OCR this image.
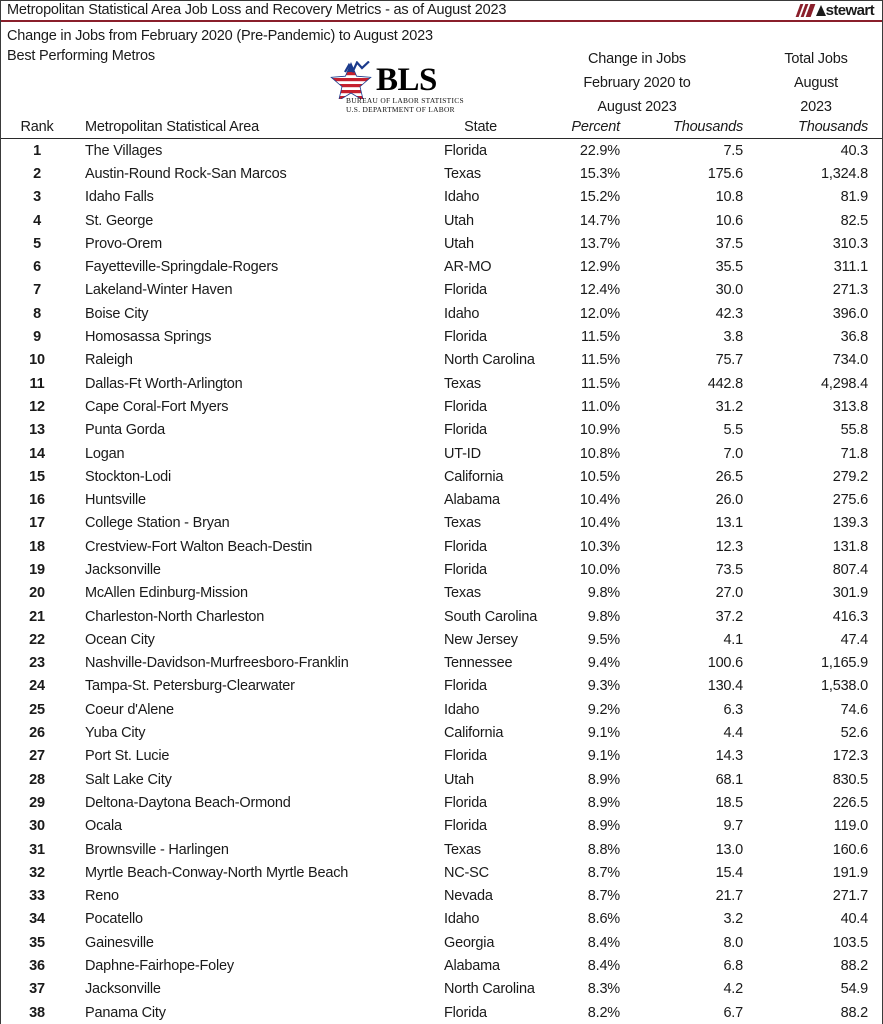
Metropolitan Statistical Area Job Loss and Recovery Metrics - as of August 2023	stewart
Change in Jobs from February 2020 (Pre-Pandemic) to August 2023
Best Performing Metros
BLS
BUREAU OF LABOR STATISTICS
U.S. DEPARTMENT OF LABOR
Change in Jobs
February 2020 to
August 2023
Total Jobs
August
2023
Rank	Metropolitan Statistical Area	State	Percent	Thousands	Thousands
1	The Villages	Florida	22.9%	7.5	40.3
2	Austin-Round Rock-San Marcos	Texas	15.3%	175.6	1,324.8
3	Idaho Falls	Idaho	15.2%	10.8	81.9
4	St. George	Utah	14.7%	10.6	82.5
5	Provo-Orem	Utah	13.7%	37.5	310.3
6	Fayetteville-Springdale-Rogers	AR-MO	12.9%	35.5	311.1
7	Lakeland-Winter Haven	Florida	12.4%	30.0	271.3
8	Boise City	Idaho	12.0%	42.3	396.0
9	Homosassa Springs	Florida	11.5%	3.8	36.8
10	Raleigh	North Carolina	11.5%	75.7	734.0
11	Dallas-Ft Worth-Arlington	Texas	11.5%	442.8	4,298.4
12	Cape Coral-Fort Myers	Florida	11.0%	31.2	313.8
13	Punta Gorda	Florida	10.9%	5.5	55.8
14	Logan	UT-ID	10.8%	7.0	71.8
15	Stockton-Lodi	California	10.5%	26.5	279.2
16	Huntsville	Alabama	10.4%	26.0	275.6
17	College Station - Bryan	Texas	10.4%	13.1	139.3
18	Crestview-Fort Walton Beach-Destin	Florida	10.3%	12.3	131.8
19	Jacksonville	Florida	10.0%	73.5	807.4
20	McAllen Edinburg-Mission	Texas	9.8%	27.0	301.9
21	Charleston-North Charleston	South Carolina	9.8%	37.2	416.3
22	Ocean City	New Jersey	9.5%	4.1	47.4
23	Nashville-Davidson-Murfreesboro-Franklin	Tennessee	9.4%	100.6	1,165.9
24	Tampa-St. Petersburg-Clearwater	Florida	9.3%	130.4	1,538.0
25	Coeur d'Alene	Idaho	9.2%	6.3	74.6
26	Yuba City	California	9.1%	4.4	52.6
27	Port St. Lucie	Florida	9.1%	14.3	172.3
28	Salt Lake City	Utah	8.9%	68.1	830.5
29	Deltona-Daytona Beach-Ormond	Florida	8.9%	18.5	226.5
30	Ocala	Florida	8.9%	9.7	119.0
31	Brownsville - Harlingen	Texas	8.8%	13.0	160.6
32	Myrtle Beach-Conway-North Myrtle Beach	NC-SC	8.7%	15.4	191.9
33	Reno	Nevada	8.7%	21.7	271.7
34	Pocatello	Idaho	8.6%	3.2	40.4
35	Gainesville	Georgia	8.4%	8.0	103.5
36	Daphne-Fairhope-Foley	Alabama	8.4%	6.8	88.2
37	Jacksonville	North Carolina	8.3%	4.2	54.9
38	Panama City	Florida	8.2%	6.7	88.2
